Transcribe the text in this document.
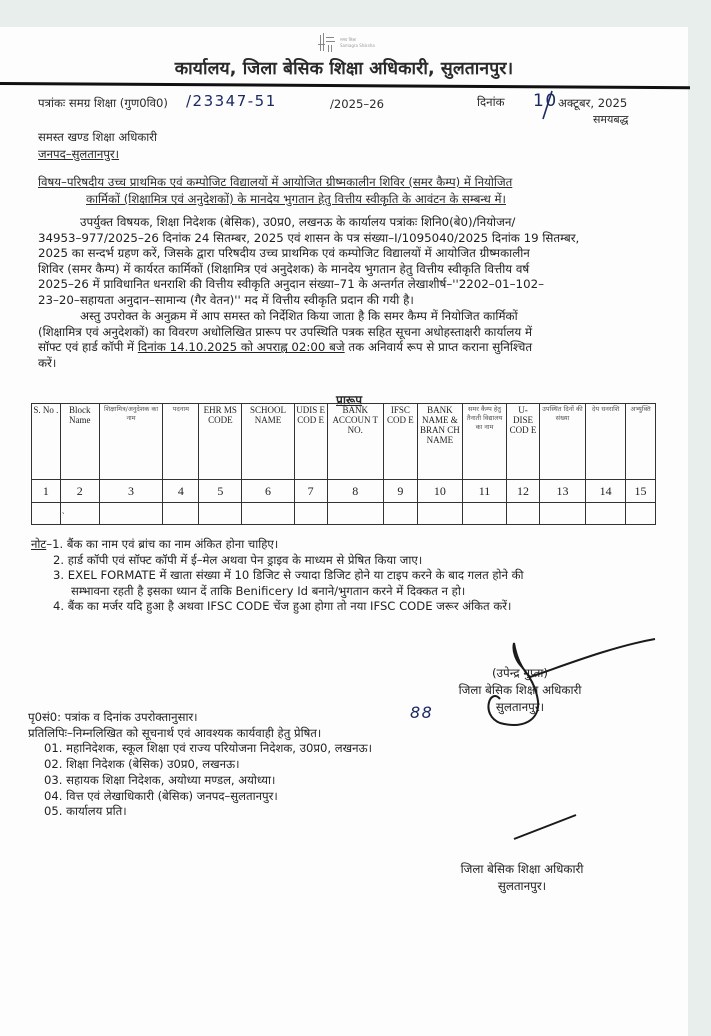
समग्र शिक्षा
Samagra Shiksha
कार्यालय, जिला बेसिक शिक्षा अधिकारी, सुलतानपुर।
पत्रांकः समग्र शिक्षा (गुण0वि0) /23347-51	/2025–26	दिनांक 10 अक्टूबर, 2025
समयबद्ध
समस्त खण्ड शिक्षा अधिकारी
जनपद–सुलतानपुर।
विषय–परिषदीय उच्च प्राथमिक एवं कम्पोजिट विद्यालयों में आयोजित ग्रीष्मकालीन शिविर (समर कैम्प) में नियोजित
कार्मिकों (शिक्षामित्र एवं अनुदेशकों) के मानदेय भुगतान हेतु वित्तीय स्वीकृति के आवंटन के सम्बन्ध में।
उपर्युक्त विषयक, शिक्षा निदेशक (बेसिक), उ0प्र0, लखनऊ के कार्यालय पत्रांकः शिनि0(बे0)/नियोजन/
34953–977/2025–26 दिनांक 24 सितम्बर, 2025 एवं शासन के पत्र संख्या–I/1095040/2025 दिनांक 19 सितम्बर,
2025 का सन्दर्भ ग्रहण करें, जिसके द्वारा परिषदीय उच्च प्राथमिक एवं कम्पोजिट विद्यालयों में आयोजित ग्रीष्मकालीन
शिविर (समर कैम्प) में कार्यरत कार्मिकों (शिक्षामित्र एवं अनुदेशक) के मानदेय भुगतान हेतु वित्तीय स्वीकृति वित्तीय वर्ष
2025–26 में प्राविधानित धनराशि की वित्तीय स्वीकृति अनुदान संख्या–71 के अन्तर्गत लेखाशीर्ष–''2202–01–102–
23–20–सहायता अनुदान–सामान्य (गैर वेतन)'' मद में वित्तीय स्वीकृति प्रदान की गयी है।
अस्तु उपरोक्त के अनुक्रम में आप समस्त को निर्देशित किया जाता है कि समर कैम्प में नियोजित कार्मिकों
(शिक्षामित्र एवं अनुदेशकों) का विवरण अधोलिखित प्रारूप पर उपस्थिति पत्रक सहित सूचना अधोहस्ताक्षरी कार्यालय में
सॉफ्ट एवं हार्ड कॉपी में दिनांक 14.10.2025 को अपराह्न 02:00 बजे तक अनिवार्य रूप से प्राप्त कराना सुनिश्चित
करें।
प्रारूप
S. No .	Block Name	शिक्षामित्र/अनुदेशक का नाम	पदनाम	EHR MS CODE	SCHOOL NAME	UDIS E COD E	BANK ACCOUN T NO.	IFSC COD E	BANK NAME & BRAN CH NAME	समर कैम्प हेतु तैनाती विद्यालय का नाम	U- DISE COD E	उपस्थित दिनों की संख्या	देय धनराशि	अभ्युक्ति
1	2	3	4	5	6	7	8	9	10	11	12	13	14	15
	ˎ													
नोट–1. बैंक का नाम एवं ब्रांच का नाम अंकित होना चाहिए।
2. हार्ड कॉपी एवं सॉफ्ट कॉपी में ई–मेल अथवा पेन ड्राइव के माध्यम से प्रेषित किया जाए।
3. EXEL FORMATE में खाता संख्या में 10 डिजिट से ज्यादा डिजिट होने या टाइप करने के बाद गलत होने की
सम्भावना रहती है इसका ध्यान दें ताकि Benificery Id बनाने/भुगतान करने में दिक्कत न हो।
4. बैंक का मर्जर यदि हुआ है अथवा IFSC CODE चेंज हुआ होगा तो नया IFSC CODE जरूर अंकित करें।
(उपेन्द्र गुप्ता)
जिला बेसिक शिक्षा अधिकारी
सुलतानपुर।
88
पृ0सं0: पत्रांक व दिनांक उपरोक्तानुसार।
प्रतिलिपिः–निम्नलिखित को सूचनार्थ एवं आवश्यक कार्यवाही हेतु प्रेषित।
01. महानिदेशक, स्कूल शिक्षा एवं राज्य परियोजना निदेशक, उ0प्र0, लखनऊ।
02. शिक्षा निदेशक (बेसिक) उ0प्र0, लखनऊ।
03. सहायक शिक्षा निदेशक, अयोध्या मण्डल, अयोध्या।
04. वित्त एवं लेखाधिकारी (बेसिक) जनपद–सुलतानपुर।
05. कार्यालय प्रति।
जिला बेसिक शिक्षा अधिकारी
सुलतानपुर।
